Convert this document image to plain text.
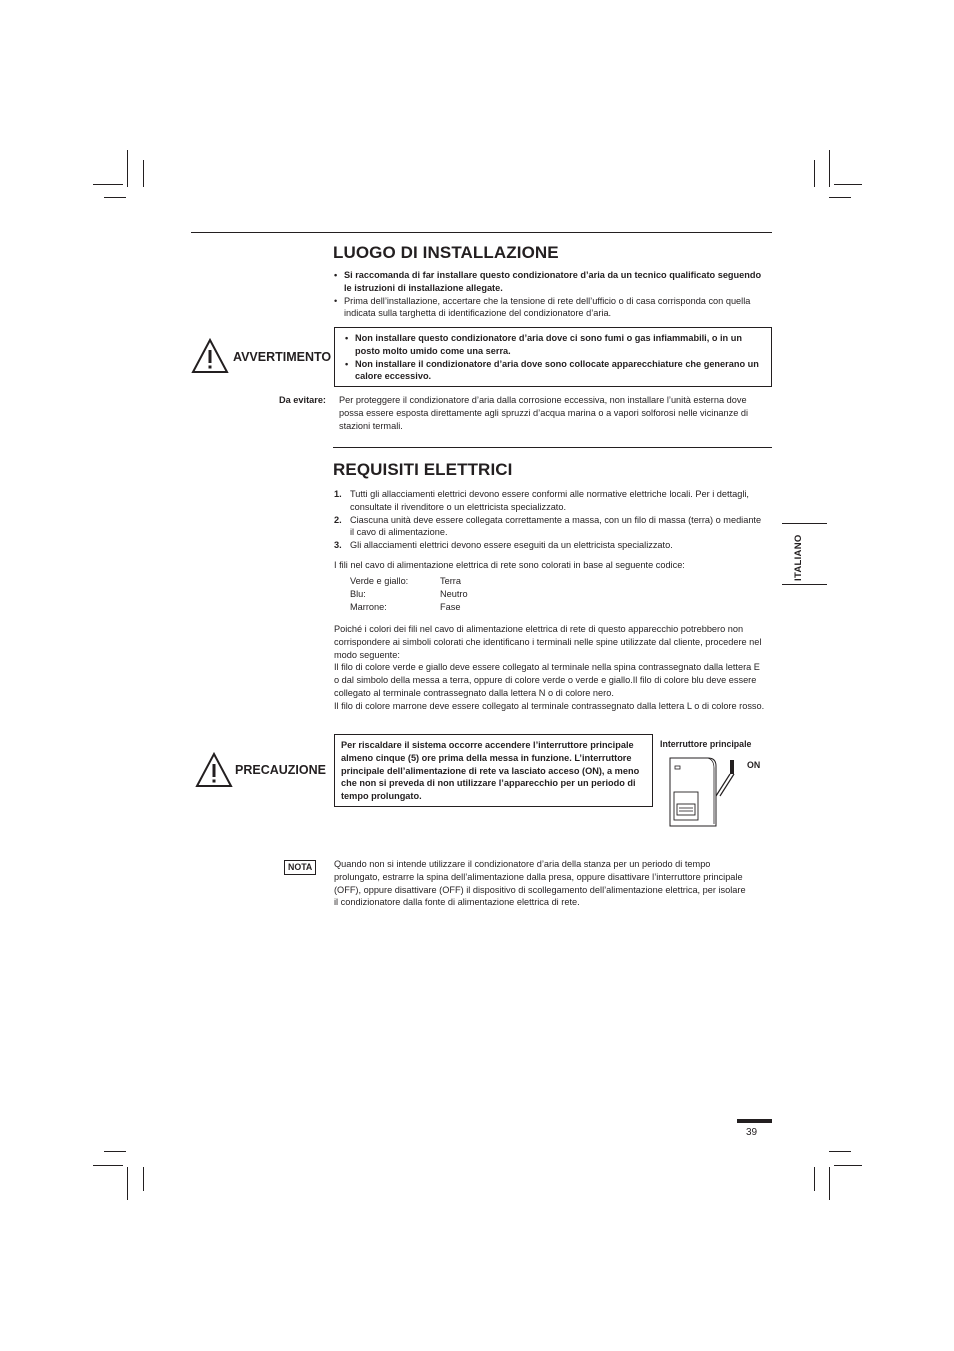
LUOGO DI INSTALLAZIONE
• Si raccomanda di far installare questo condizionatore d’aria da un tecnico qualificato seguendo le istruzioni di installazione allegate.
• Prima dell’installazione, accertare che la tensione di rete dell’ufficio o di casa corrisponda con quella indicata sulla targhetta di identificazione del condizionatore d’aria.
AVVERTIMENTO
• Non installare questo condizionatore d’aria dove ci sono fumi o gas infiammabili, o in un posto molto umido come una serra.
• Non installare il condizionatore d’aria dove sono collocate apparecchiature che generano un calore eccessivo.
Da evitare: Per proteggere il condizionatore d’aria dalla corrosione eccessiva, non installare l’unità esterna dove possa essere esposta direttamente agli spruzzi d’acqua marina o a vapori solforosi nelle vicinanze di stazioni termali.
REQUISITI ELETTRICI
1. Tutti gli allacciamenti elettrici devono essere conformi alle normative elettriche locali. Per i dettagli, consultate il rivenditore o un elettricista specializzato.
2. Ciascuna unità deve essere collegata correttamente a massa, con un filo di massa (terra) o mediante il cavo di alimentazione.
3. Gli allacciamenti elettrici devono essere eseguiti da un elettricista specializzato.
I fili nel cavo di alimentazione elettrica di rete sono colorati in base al seguente codice:
Verde e giallo:	Terra
Blu:	Neutro
Marrone:	Fase
Poiché i colori dei fili nel cavo di alimentazione elettrica di rete di questo apparecchio potrebbero non corrispondere ai simboli colorati che identificano i terminali nelle spine utilizzate dal cliente, procedere nel modo seguente:
Il filo di colore verde e giallo deve essere collegato al terminale nella spina contrassegnato dalla lettera E o dal simbolo della messa a terra, oppure di colore verde o verde e giallo.Il filo di colore blu deve essere collegato al terminale contrassegnato dalla lettera N o di colore nero.
Il filo di colore marrone deve essere collegato al terminale contrassegnato dalla lettera L o di colore rosso.
PRECAUZIONE
Per riscaldare il sistema occorre accendere l’interruttore principale almeno cinque (5) ore prima della messa in funzione. L’interruttore principale dell’alimentazione di rete va lasciato acceso (ON), a meno che non si preveda di non utilizzare l’apparecchio per un periodo di tempo prolungato.
Interruttore principale
ON
NOTA	Quando non si intende utilizzare il condizionatore d’aria della stanza per un periodo di tempo prolungato, estrarre la spina dell’alimentazione dalla presa, oppure disattivare l’interruttore principale (OFF), oppure disattivare (OFF) il dispositivo di scollegamento dell’alimentazione elettrica, per isolare il condizionatore dalla fonte di alimentazione elettrica di rete.
ITALIANO
39
